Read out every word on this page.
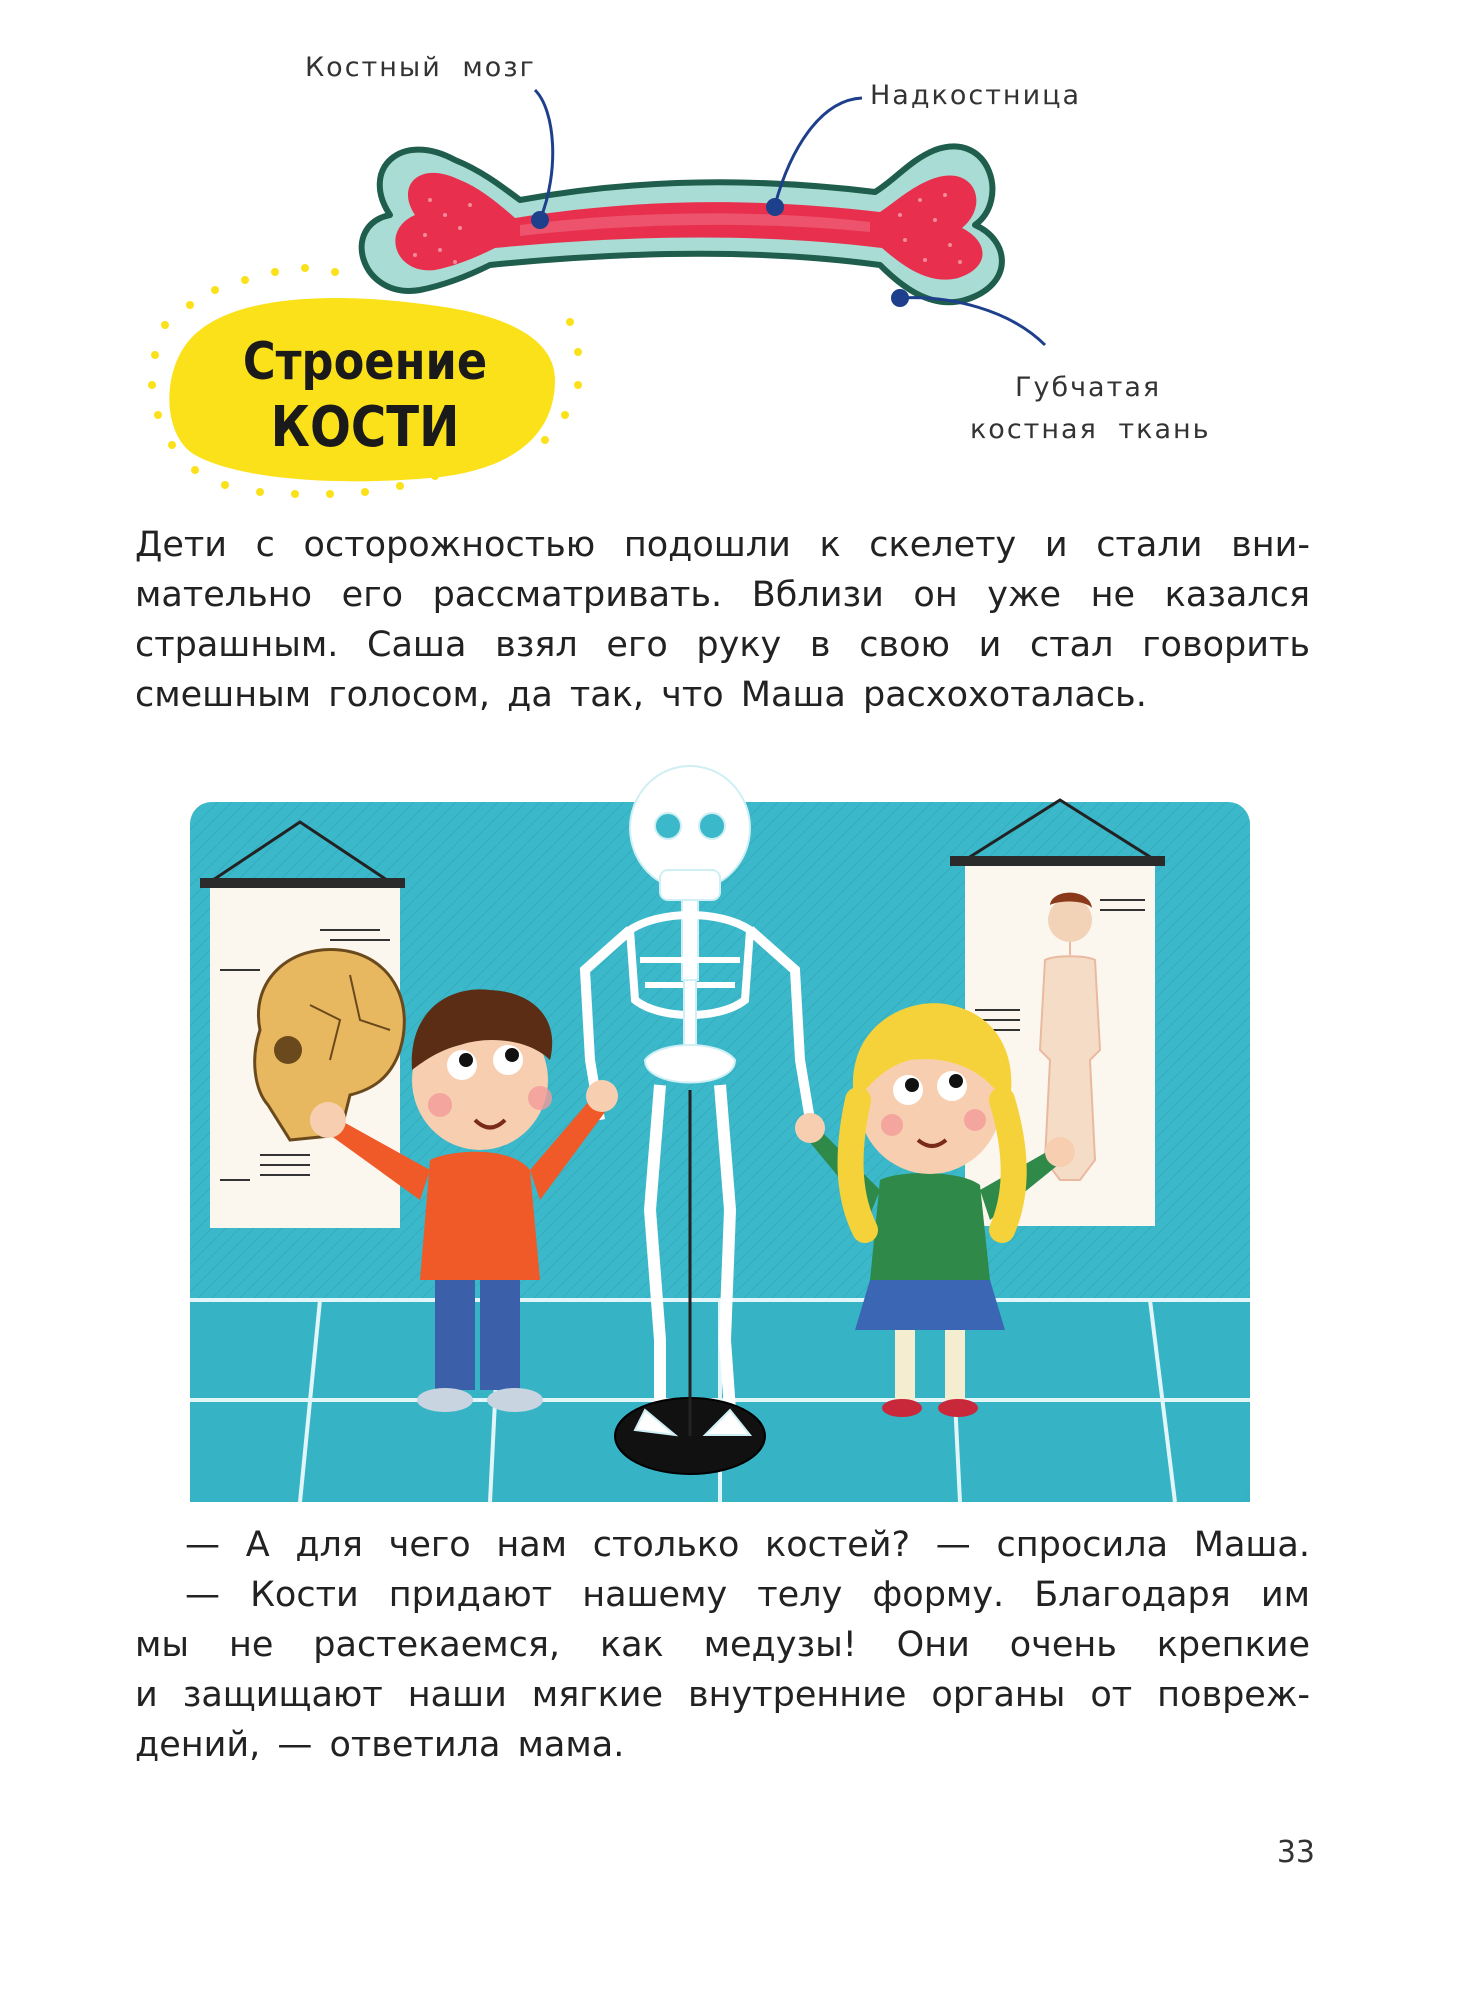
Костный мозг
Надкостница
Губчатая
костная ткань
Строение
КОСТИ
Дети с осторожностью подошли к скелету и стали вни-
мательно его рассматривать. Вблизи он уже не казался
страшным. Саша взял его руку в свою и стал говорить
смешным голосом, да так, что Маша расхохоталась.
— А для чего нам столько костей? — спросила Маша.
— Кости придают нашему телу форму. Благодаря им
мы не растекаемся, как медузы! Они очень крепкие
и защищают наши мягкие внутренние органы от повреж-
дений, — ответила мама.
33
